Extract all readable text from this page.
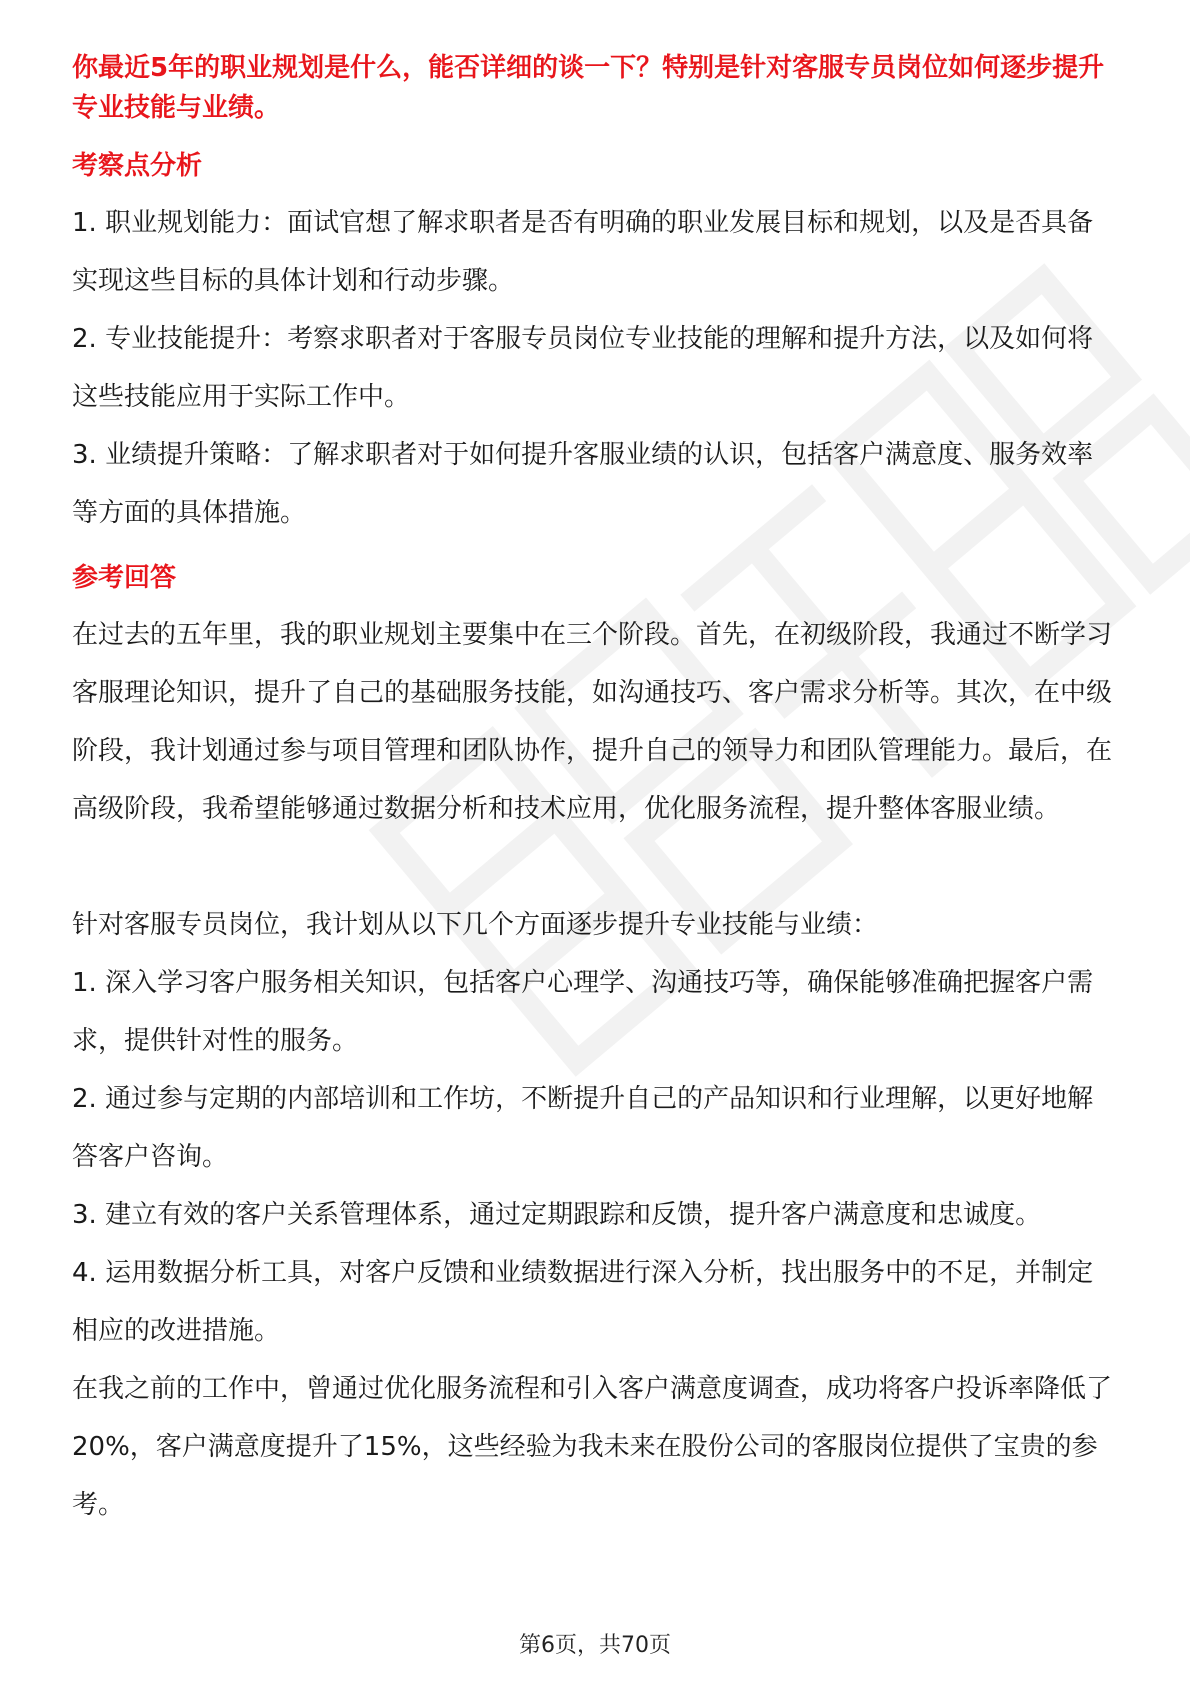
你最近5年的职业规划是什么，能否详细的谈一下？特别是针对客服专员岗位如何逐步提升专业技能与业绩。

考察点分析

1. 职业规划能力：面试官想了解求职者是否有明确的职业发展目标和规划，以及是否具备实现这些目标的具体计划和行动步骤。

2. 专业技能提升：考察求职者对于客服专员岗位专业技能的理解和提升方法，以及如何将这些技能应用于实际工作中。

3. 业绩提升策略：了解求职者对于如何提升客服业绩的认识，包括客户满意度、服务效率等方面的具体措施。

参考回答

在过去的五年里，我的职业规划主要集中在三个阶段。首先，在初级阶段，我通过不断学习客服理论知识，提升了自己的基础服务技能，如沟通技巧、客户需求分析等。其次，在中级阶段，我计划通过参与项目管理和团队协作，提升自己的领导力和团队管理能力。最后，在高级阶段，我希望能够通过数据分析和技术应用，优化服务流程，提升整体客服业绩。

针对客服专员岗位，我计划从以下几个方面逐步提升专业技能与业绩：

1. 深入学习客户服务相关知识，包括客户心理学、沟通技巧等，确保能够准确把握客户需求，提供针对性的服务。

2. 通过参与定期的内部培训和工作坊，不断提升自己的产品知识和行业理解，以更好地解答客户咨询。

3. 建立有效的客户关系管理体系，通过定期跟踪和反馈，提升客户满意度和忠诚度。

4. 运用数据分析工具，对客户反馈和业绩数据进行深入分析，找出服务中的不足，并制定相应的改进措施。

在我之前的工作中，曾通过优化服务流程和引入客户满意度调查，成功将客户投诉率降低了20%，客户满意度提升了15%，这些经验为我未来在股份公司的客服岗位提供了宝贵的参考。

第6页，共70页
